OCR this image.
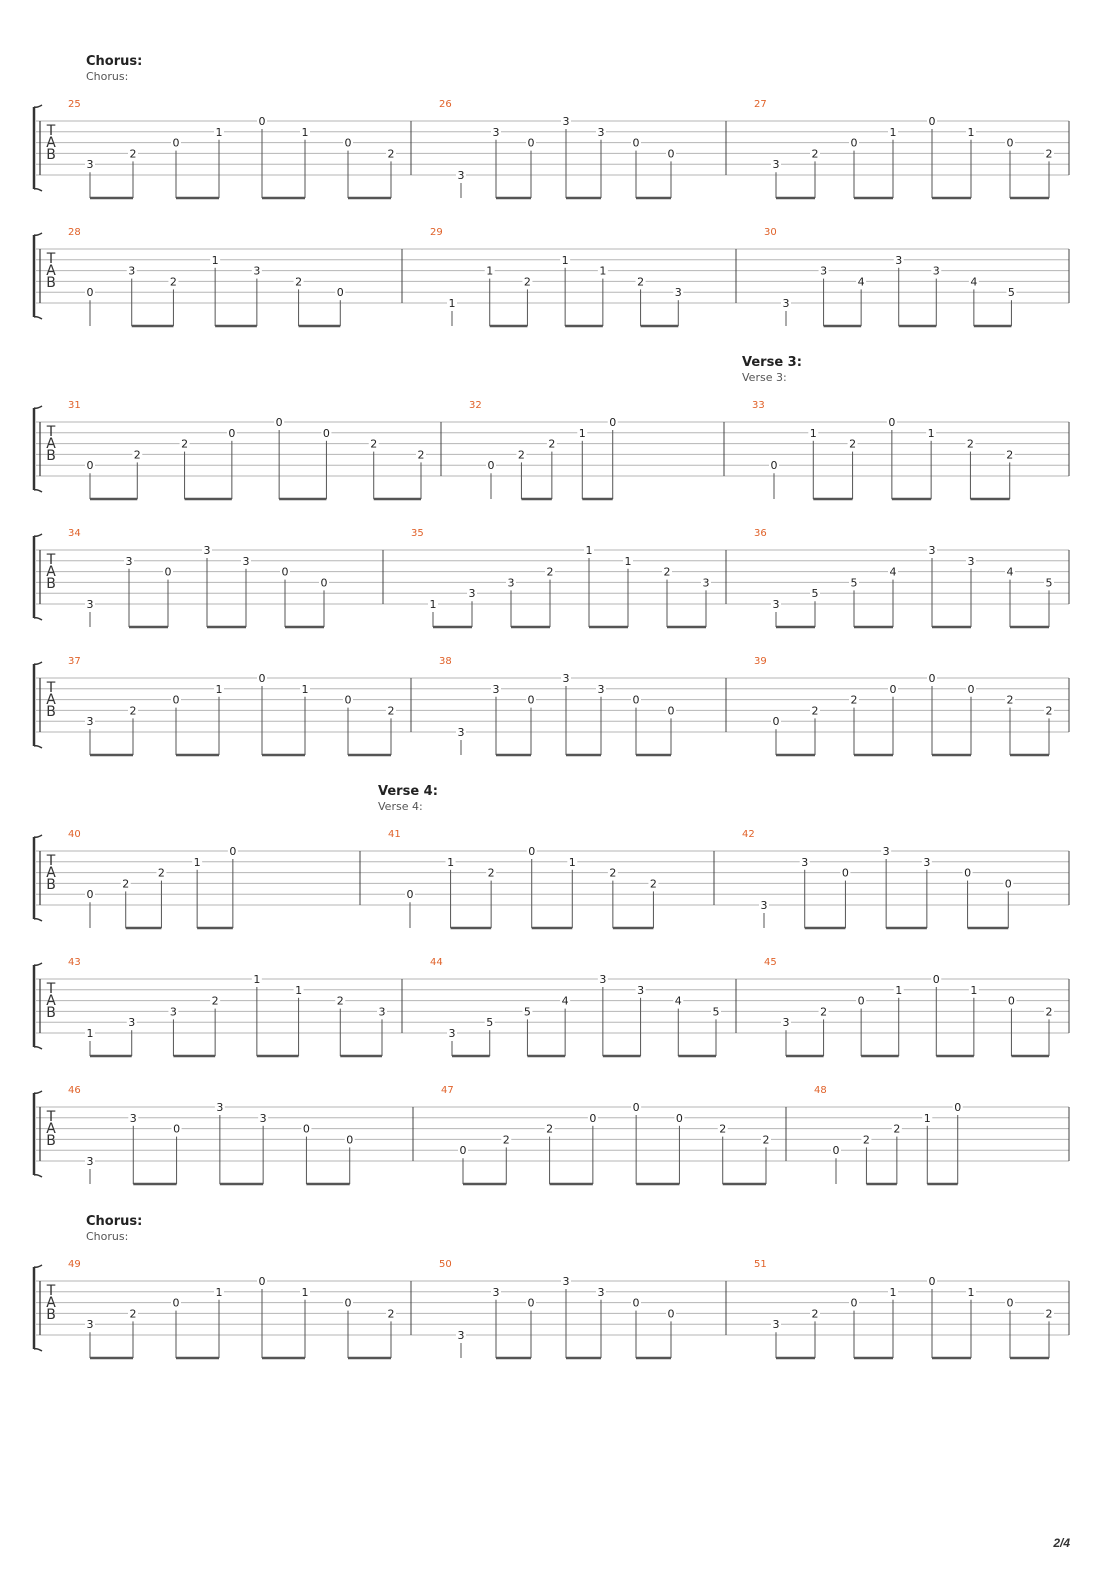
Chorus:
Chorus:
Verse 3:
Verse 3:
Verse 4:
Verse 4:
Chorus:
Chorus:
T
A
B
25
3
2
0
1
0
1
0
2
26
3
3
0
3
3
0
0
27
3
2
0
1
0
1
0
2
T
A
B
28
0
3
2
1
3
2
0
29
1
1
2
1
1
2
3
30
3
3
4
3
3
4
5
T
A
B
31
0
2
2
0
0
0
2
2
32
0
2
2
1
0
33
0
1
2
0
1
2
2
T
A
B
34
3
3
0
3
3
0
0
35
1
3
3
2
1
1
2
3
36
3
5
5
4
3
3
4
5
T
A
B
37
3
2
0
1
0
1
0
2
38
3
3
0
3
3
0
0
39
0
2
2
0
0
0
2
2
T
A
B
40
0
2
2
1
0
41
0
1
2
0
1
2
2
42
3
3
0
3
3
0
0
T
A
B
43
1
3
3
2
1
1
2
3
44
3
5
5
4
3
3
4
5
45
3
2
0
1
0
1
0
2
T
A
B
46
3
3
0
3
3
0
0
47
0
2
2
0
0
0
2
2
48
0
2
2
1
0
T
A
B
49
3
2
0
1
0
1
0
2
50
3
3
0
3
3
0
0
51
3
2
0
1
0
1
0
2
2/4
